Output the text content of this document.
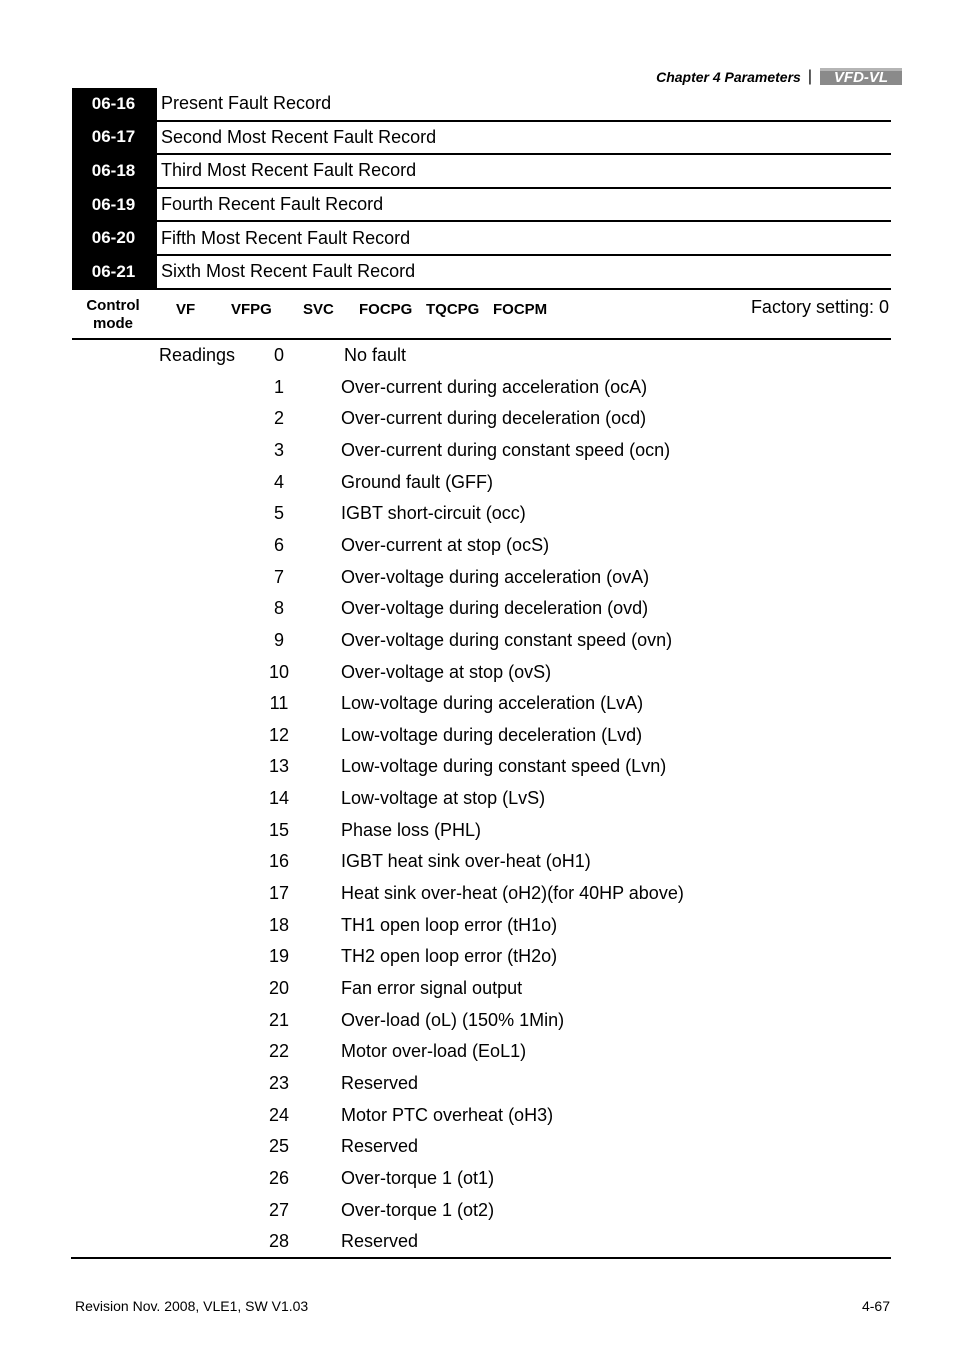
Chapter 4 Parameters | VFD-VL
06-16	Present Fault Record
06-17	Second Most Recent Fault Record
06-18	Third Most Recent Fault Record
06-19	Fourth Recent Fault Record
06-20	Fifth Most Recent Fault Record
06-21	Sixth Most Recent Fault Record
Control
mode
VF VFPG SVC FOCPG TQCPG FOCPM	Factory setting: 0
Readings	0	No fault
1	Over-current during acceleration (ocA)
2	Over-current during deceleration (ocd)
3	Over-current during constant speed (ocn)
4	Ground fault (GFF)
5	IGBT short-circuit (occ)
6	Over-current at stop (ocS)
7	Over-voltage during acceleration (ovA)
8	Over-voltage during deceleration (ovd)
9	Over-voltage during constant speed (ovn)
10	Over-voltage at stop (ovS)
11	Low-voltage during acceleration (LvA)
12	Low-voltage during deceleration (Lvd)
13	Low-voltage during constant speed (Lvn)
14	Low-voltage at stop (LvS)
15	Phase loss (PHL)
16	IGBT heat sink over-heat (oH1)
17	Heat sink over-heat (oH2)(for 40HP above)
18	TH1 open loop error (tH1o)
19	TH2 open loop error (tH2o)
20	Fan error signal output
21	Over-load (oL) (150% 1Min)
22	Motor over-load (EoL1)
23	Reserved
24	Motor PTC overheat (oH3)
25	Reserved
26	Over-torque 1 (ot1)
27	Over-torque 1 (ot2)
28	Reserved
Revision Nov. 2008, VLE1, SW V1.03	4-67
